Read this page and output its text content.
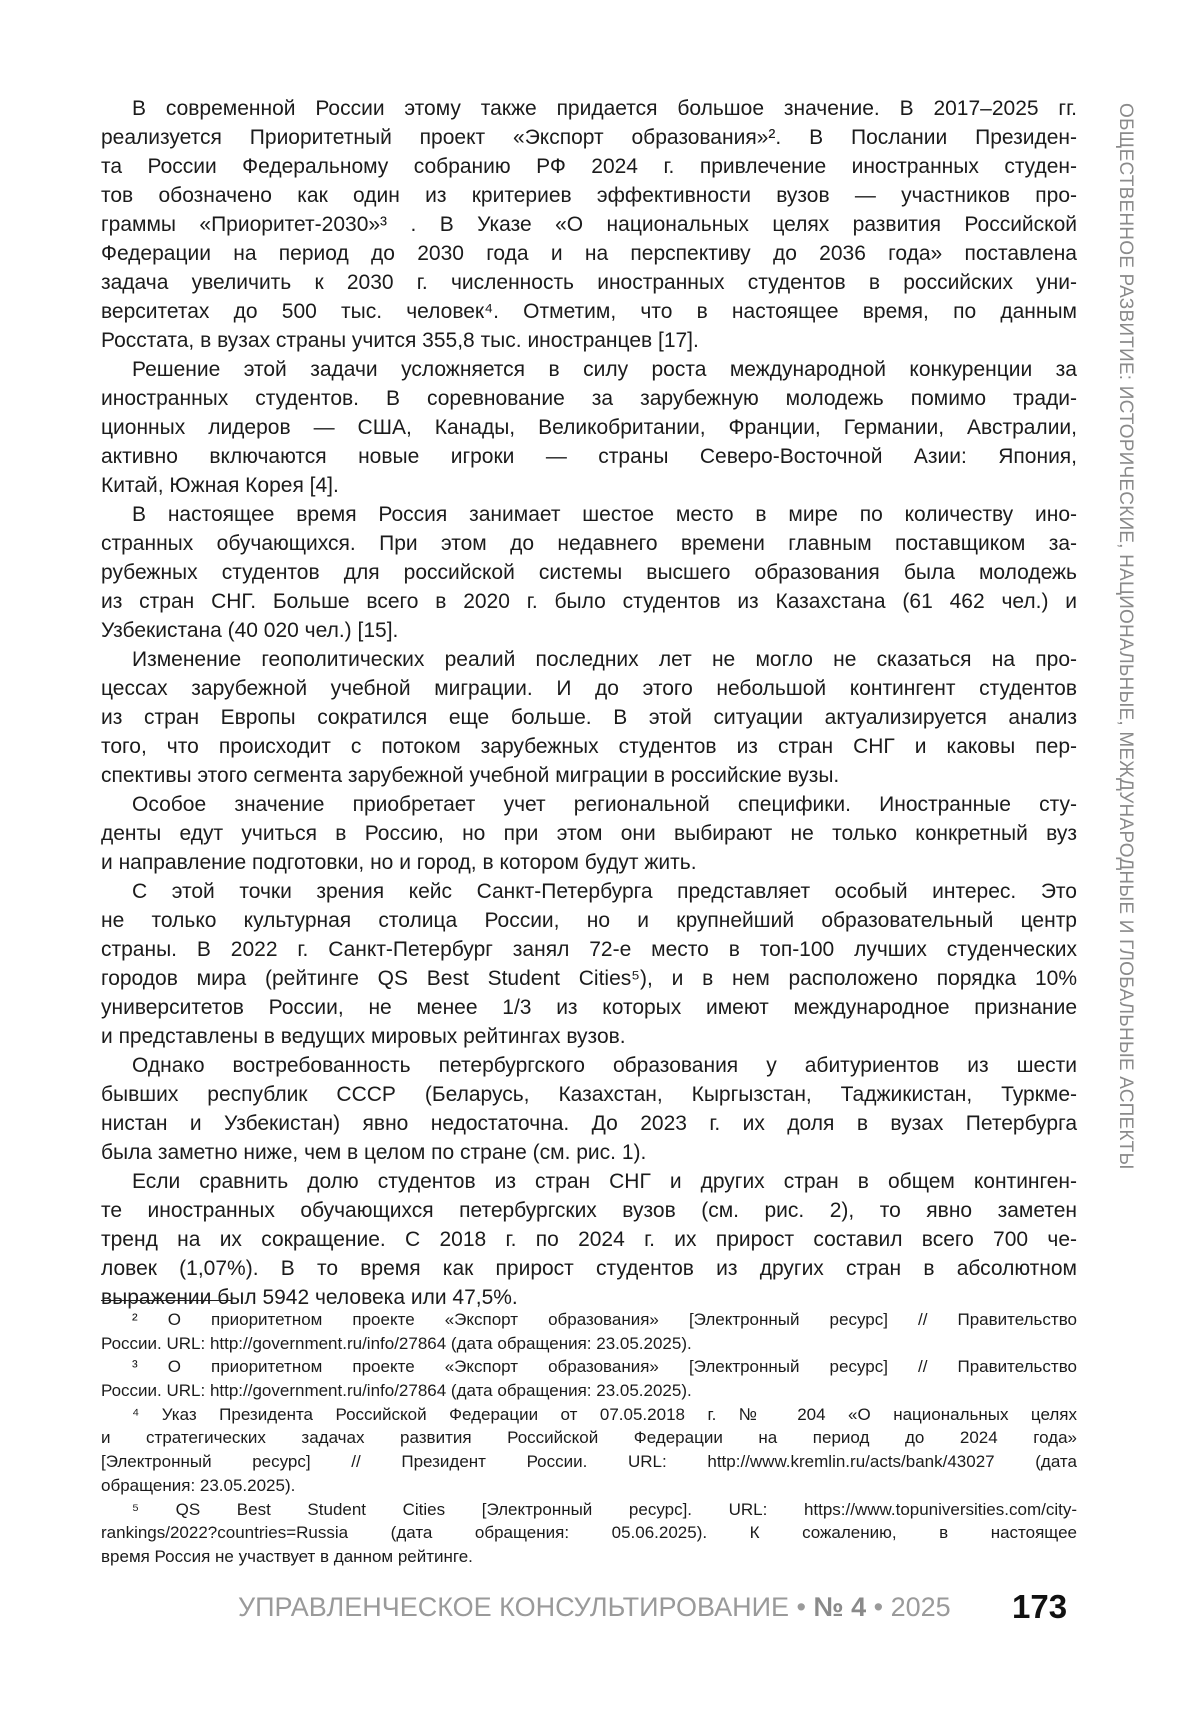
ОБЩЕСТВЕННОЕ РАЗВИТИЕ: ИСТОРИЧЕСКИЕ, НАЦИОНАЛЬНЫЕ, МЕЖДУНАРОДНЫЕ И ГЛОБАЛЬНЫЕ АСПЕКТЫ
В современной России этому также придается большое значение. В 2017–2025 гг.
реализуется Приоритетный проект «Экспорт образования»². В Послании Президен-
та России Федеральному собранию РФ 2024 г. привлечение иностранных студен-
тов обозначено как один из критериев эффективности вузов — участников про-
граммы «Приоритет-2030»³ . В Указе «О национальных целях развития Российской
Федерации на период до 2030 года и на перспективу до 2036 года» поставлена
задача увеличить к 2030 г. численность иностранных студентов в российских уни-
верситетах до 500 тыс. человек⁴. Отметим, что в настоящее время, по данным
Росстата, в вузах страны учится 355,8 тыс. иностранцев [17].
Решение этой задачи усложняется в силу роста международной конкуренции за
иностранных студентов. В соревнование за зарубежную молодежь помимо тради-
ционных лидеров — США, Канады, Великобритании, Франции, Германии, Австралии,
активно включаются новые игроки — страны Северо-Восточной Азии: Япония,
Китай, Южная Корея [4].
В настоящее время Россия занимает шестое место в мире по количеству ино-
странных обучающихся. При этом до недавнего времени главным поставщиком за-
рубежных студентов для российской системы высшего образования была молодежь
из стран СНГ. Больше всего в 2020 г. было студентов из Казахстана (61 462 чел.) и
Узбекистана (40 020 чел.) [15].
Изменение геополитических реалий последних лет не могло не сказаться на про-
цессах зарубежной учебной миграции. И до этого небольшой контингент студентов
из стран Европы сократился еще больше. В этой ситуации актуализируется анализ
того, что происходит с потоком зарубежных студентов из стран СНГ и каковы пер-
спективы этого сегмента зарубежной учебной миграции в российские вузы.
Особое значение приобретает учет региональной специфики. Иностранные сту-
денты едут учиться в Россию, но при этом они выбирают не только конкретный вуз
и направление подготовки, но и город, в котором будут жить.
С этой точки зрения кейс Санкт-Петербурга представляет особый интерес. Это
не только культурная столица России, но и крупнейший образовательный центр
страны. В 2022 г. Санкт-Петербург занял 72-е место в топ-100 лучших студенческих
городов мира (рейтинге QS Best Student Cities⁵), и в нем расположено порядка 10%
университетов России, не менее 1/3 из которых имеют международное признание
и представлены в ведущих мировых рейтингах вузов.
Однако востребованность петербургского образования у абитуриентов из шести
бывших республик СССР (Беларусь, Казахстан, Кыргызстан, Таджикистан, Туркме-
нистан и Узбекистан) явно недостаточна. До 2023 г. их доля в вузах Петербурга
была заметно ниже, чем в целом по стране (см. рис. 1).
Если сравнить долю студентов из стран СНГ и других стран в общем континген-
те иностранных обучающихся петербургских вузов (см. рис. 2), то явно заметен
тренд на их сокращение. С 2018 г. по 2024 г. их прирост составил всего 700 че-
ловек (1,07%). В то время как прирост студентов из других стран в абсолютном
выражении был 5942 человека или 47,5%.
² О приоритетном проекте «Экспорт образования» [Электронный ресурс] // Правительство
России. URL: http://government.ru/info/27864 (дата обращения: 23.05.2025).
³ О приоритетном проекте «Экспорт образования» [Электронный ресурс] // Правительство
России. URL: http://government.ru/info/27864 (дата обращения: 23.05.2025).
⁴ Указ Президента Российской Федерации от 07.05.2018 г. № 204 «О национальных целях
и стратегических задачах развития Российской Федерации на период до 2024 года»
[Электронный ресурс] // Президент России. URL: http://www.kremlin.ru/acts/bank/43027 (дата
обращения: 23.05.2025).
⁵ QS Best Student Cities [Электронный ресурс]. URL: https://www.topuniversities.com/city-
rankings/2022?countries=Russia (дата обращения: 05.06.2025). К сожалению, в настоящее
время Россия не участвует в данном рейтинге.
УПРАВЛЕНЧЕСКОЕ КОНСУЛЬТИРОВАНИЕ • № 4 • 2025 173
